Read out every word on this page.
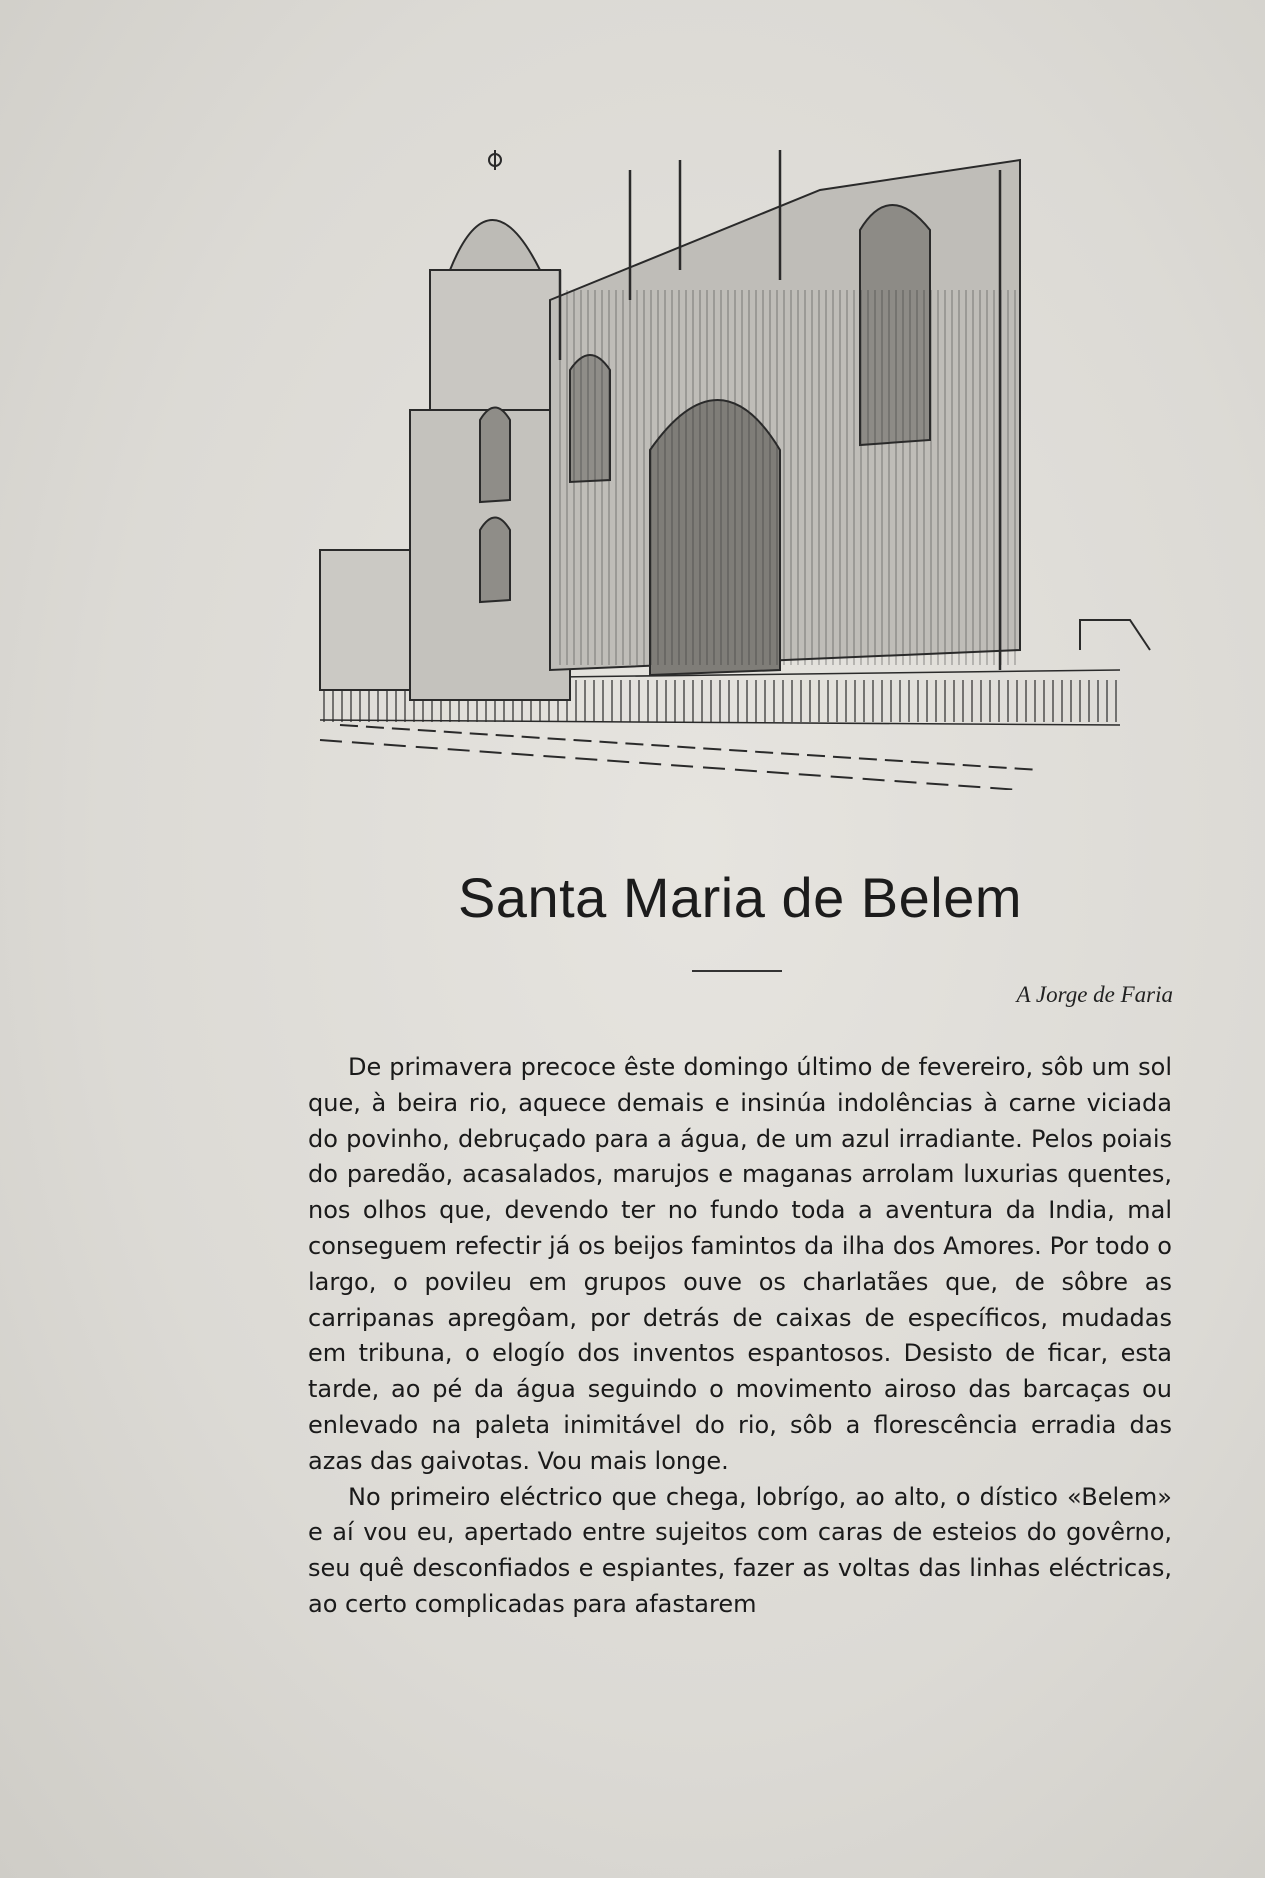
Santa Maria de Belem
A Jorge de Faria

De primavera precoce êste domingo último de fevereiro, sôb um sol que, à beira rio, aquece demais e insinúa indolências à carne viciada do povinho, debruçado para a água, de um azul irradiante. Pelos poiais do paredão, acasalados, marujos e maganas arrolam luxurias quentes, nos olhos que, devendo ter no fundo toda a aventura da India, mal conseguem refectir já os beijos famintos da ilha dos Amores. Por todo o largo, o povileu em grupos ouve os charlatães que, de sôbre as carripanas apregôam, por detrás de caixas de específicos, mudadas em tribuna, o elogío dos inventos espantosos. Desisto de ficar, esta tarde, ao pé da água seguindo o movimento airoso das barcaças ou enlevado na paleta inimitável do rio, sôb a florescência erradia das azas das gaivotas. Vou mais longe.

No primeiro eléctrico que chega, lobrígo, ao alto, o dístico «Belem» e aí vou eu, apertado entre sujeitos com caras de esteios do govêrno, seu quê desconfiados e espiantes, fazer as voltas das linhas eléctricas, ao certo complicadas para afastarem
